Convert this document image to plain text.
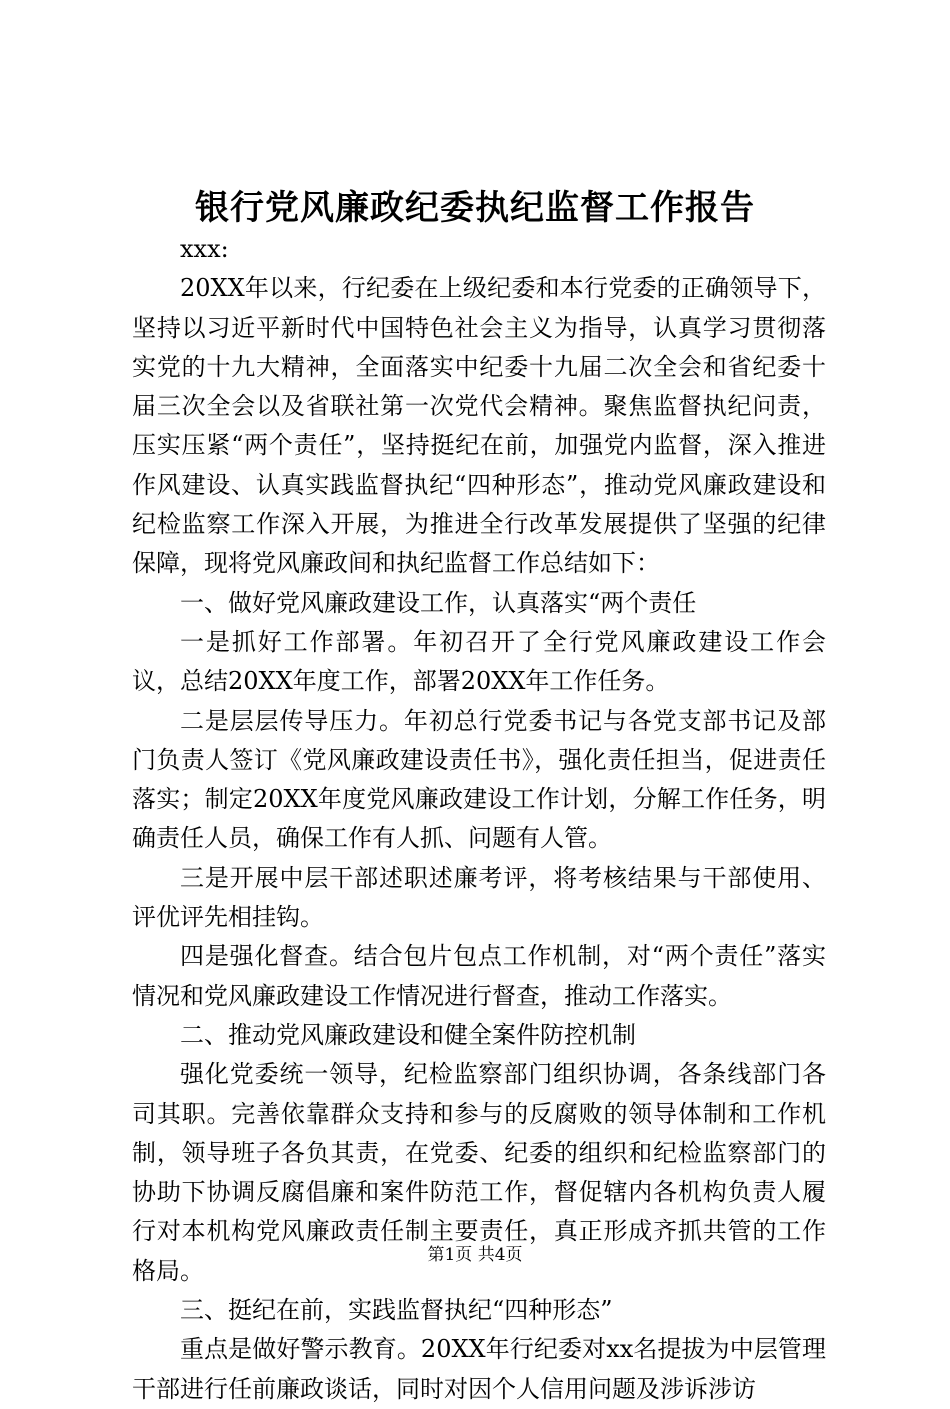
银行党风廉政纪委执纪监督工作报告

xxx:

20XX年以来，行纪委在上级纪委和本行党委的正确领导下，坚持以习近平新时代中国特色社会主义为指导，认真学习贯彻落实党的十九大精神，全面落实中纪委十九届二次全会和省纪委十届三次全会以及省联社第一次党代会精神。聚焦监督执纪问责，压实压紧“两个责任”，坚持挺纪在前，加强党内监督，深入推进作风建设、认真实践监督执纪“四种形态”，推动党风廉政建设和纪检监察工作深入开展，为推进全行改革发展提供了坚强的纪律保障，现将党风廉政间和执纪监督工作总结如下：

一、做好党风廉政建设工作，认真落实“两个责任

一是抓好工作部署。年初召开了全行党风廉政建设工作会议，总结20XX年度工作，部署20XX年工作任务。

二是层层传导压力。年初总行党委书记与各党支部书记及部门负责人签订《党风廉政建设责任书》，强化责任担当，促进责任落实；制定20XX年度党风廉政建设工作计划，分解工作任务，明确责任人员，确保工作有人抓、问题有人管。

三是开展中层干部述职述廉考评，将考核结果与干部使用、评优评先相挂钩。

四是强化督查。结合包片包点工作机制，对“两个责任”落实情况和党风廉政建设工作情况进行督查，推动工作落实。

二、推动党风廉政建设和健全案件防控机制

强化党委统一领导，纪检监察部门组织协调，各条线部门各司其职。完善依靠群众支持和参与的反腐败的领导体制和工作机制，领导班子各负其责，在党委、纪委的组织和纪检监察部门的协助下协调反腐倡廉和案件防范工作，督促辖内各机构负责人履行对本机构党风廉政责任制主要责任，真正形成齐抓共管的工作格局。

三、挺纪在前，实践监督执纪“四种形态”

重点是做好警示教育。20XX年行纪委对xx名提拔为中层管理干部进行任前廉政谈话，同时对因个人信用问题及涉诉涉访

第1页 共4页
